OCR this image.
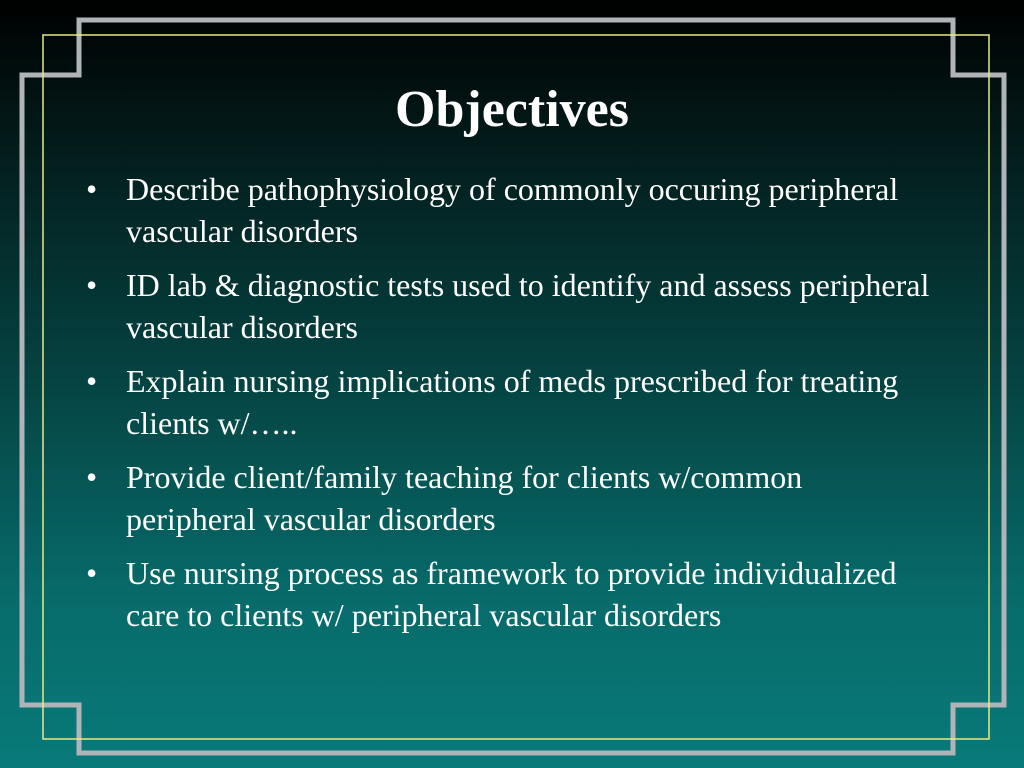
Objectives
• Describe pathophysiology of commonly occuring peripheral vascular disorders
• ID lab & diagnostic tests used to identify and assess peripheral vascular disorders
• Explain nursing implications of meds prescribed for treating clients w/…..
• Provide client/family teaching for clients w/common peripheral vascular disorders
• Use nursing process as framework to provide individualized care to clients w/ peripheral vascular disorders
